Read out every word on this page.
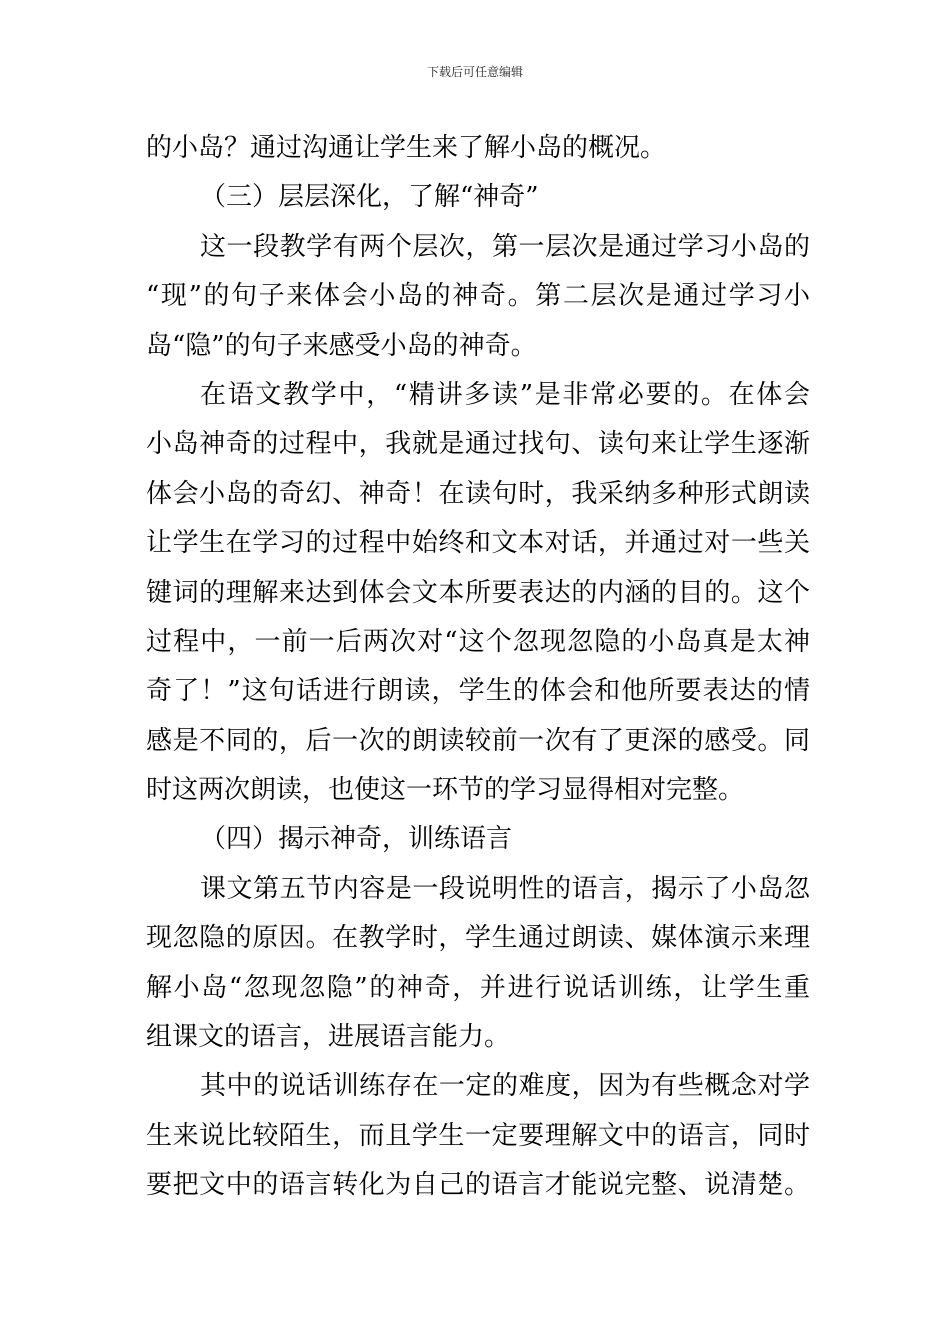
下载后可任意编辑
的小岛？通过沟通让学生来了解小岛的概况。
（三）层层深化，了解“神奇”
这一段教学有两个层次，第一层次是通过学习小岛的
“现”的句子来体会小岛的神奇。第二层次是通过学习小
岛“隐”的句子来感受小岛的神奇。
在语文教学中，“精讲多读”是非常必要的。在体会
小岛神奇的过程中，我就是通过找句、读句来让学生逐渐
体会小岛的奇幻、神奇！在读句时，我采纳多种形式朗读
让学生在学习的过程中始终和文本对话，并通过对一些关
键词的理解来达到体会文本所要表达的内涵的目的。这个
过程中，一前一后两次对“这个忽现忽隐的小岛真是太神
奇了！”这句话进行朗读，学生的体会和他所要表达的情
感是不同的，后一次的朗读较前一次有了更深的感受。同
时这两次朗读，也使这一环节的学习显得相对完整。
（四）揭示神奇，训练语言
课文第五节内容是一段说明性的语言，揭示了小岛忽
现忽隐的原因。在教学时，学生通过朗读、媒体演示来理
解小岛“忽现忽隐”的神奇，并进行说话训练，让学生重
组课文的语言，进展语言能力。
其中的说话训练存在一定的难度，因为有些概念对学
生来说比较陌生，而且学生一定要理解文中的语言，同时
要把文中的语言转化为自己的语言才能说完整、说清楚。
